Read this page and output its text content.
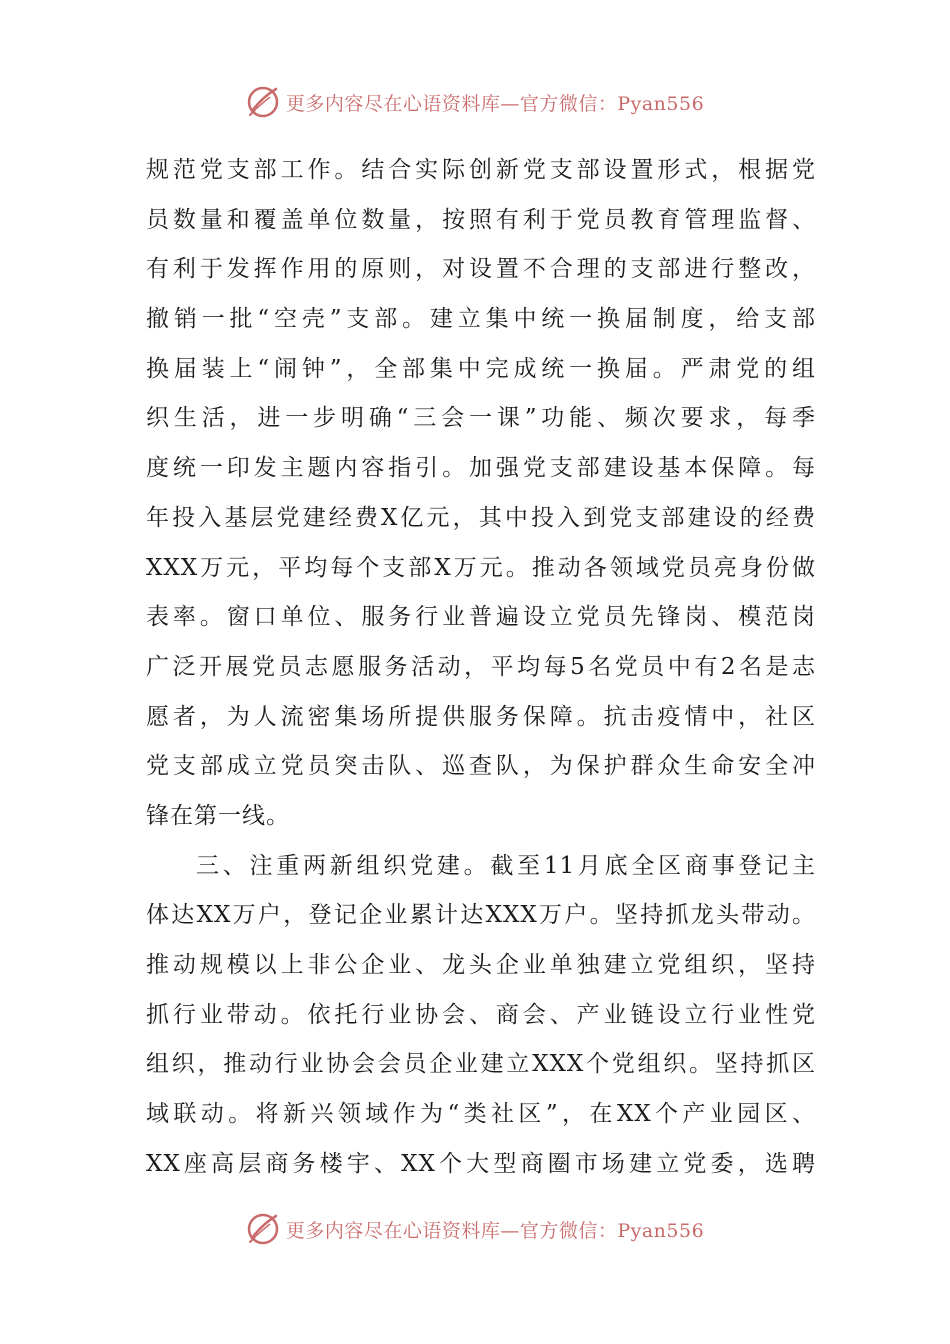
更多内容尽在心语资料库—官方微信：Pyan556
规范党支部工作。结合实际创新党支部设置形式，根据党
员数量和覆盖单位数量，按照有利于党员教育管理监督、
有利于发挥作用的原则，对设置不合理的支部进行整改，
撤销一批“空壳”支部。建立集中统一换届制度，给支部
换届装上“闹钟”，全部集中完成统一换届。严肃党的组
织生活，进一步明确“三会一课”功能、频次要求，每季
度统一印发主题内容指引。加强党支部建设基本保障。每
年投入基层党建经费X亿元，其中投入到党支部建设的经费
XXX万元，平均每个支部X万元。推动各领域党员亮身份做
表率。窗口单位、服务行业普遍设立党员先锋岗、模范岗
广泛开展党员志愿服务活动，平均每5名党员中有2名是志
愿者，为人流密集场所提供服务保障。抗击疫情中，社区
党支部成立党员突击队、巡查队，为保护群众生命安全冲
锋在第一线。
三、注重两新组织党建。截至11月底全区商事登记主
体达XX万户，登记企业累计达XXX万户。坚持抓龙头带动。
推动规模以上非公企业、龙头企业单独建立党组织，坚持
抓行业带动。依托行业协会、商会、产业链设立行业性党
组织，推动行业协会会员企业建立XXX个党组织。坚持抓区
域联动。将新兴领域作为“类社区”，在XX个产业园区、
XX座高层商务楼宇、XX个大型商圈市场建立党委，选聘
更多内容尽在心语资料库—官方微信：Pyan556
